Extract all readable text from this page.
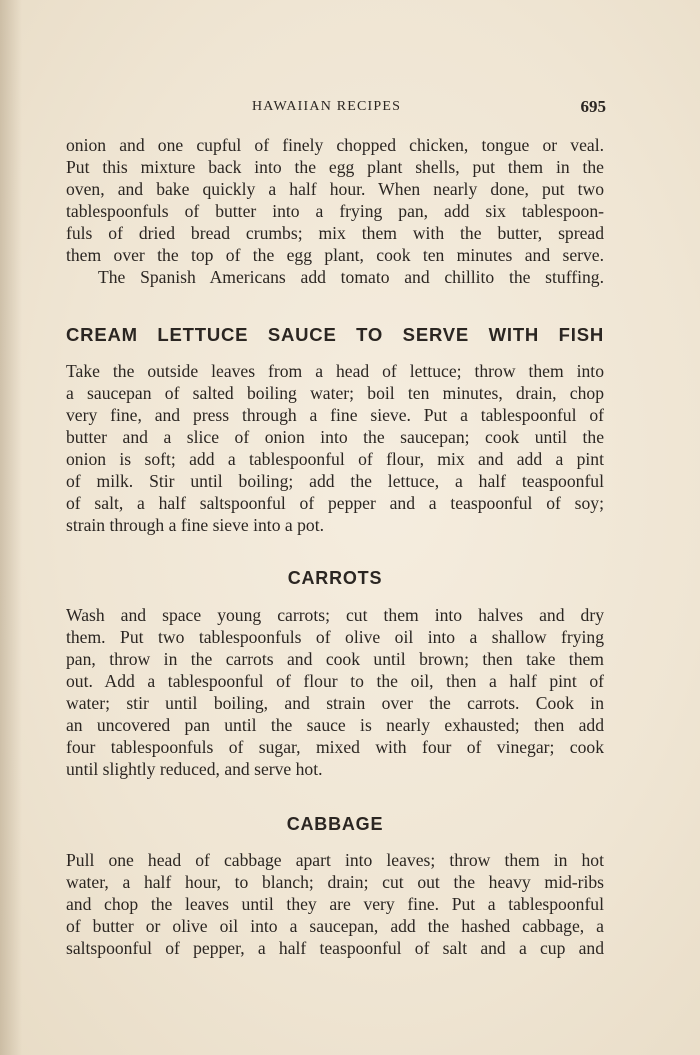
HAWAIIAN RECIPES	695
onion and one cupful of finely chopped chicken, tongue or veal.
Put this mixture back into the egg plant shells, put them in the
oven, and bake quickly a half hour. When nearly done, put two
tablespoonfuls of butter into a frying pan, add six tablespoon-
fuls of dried bread crumbs; mix them with the butter, spread
them over the top of the egg plant, cook ten minutes and serve.
The Spanish Americans add tomato and chillito the stuffing.
CREAM LETTUCE SAUCE TO SERVE WITH FISH
Take the outside leaves from a head of lettuce; throw them into
a saucepan of salted boiling water; boil ten minutes, drain, chop
very fine, and press through a fine sieve. Put a tablespoonful of
butter and a slice of onion into the saucepan; cook until the
onion is soft; add a tablespoonful of flour, mix and add a pint
of milk. Stir until boiling; add the lettuce, a half teaspoonful
of salt, a half saltspoonful of pepper and a teaspoonful of soy;
strain through a fine sieve into a pot.
CARROTS
Wash and space young carrots; cut them into halves and dry
them. Put two tablespoonfuls of olive oil into a shallow frying
pan, throw in the carrots and cook until brown; then take them
out. Add a tablespoonful of flour to the oil, then a half pint of
water; stir until boiling, and strain over the carrots. Cook in
an uncovered pan until the sauce is nearly exhausted; then add
four tablespoonfuls of sugar, mixed with four of vinegar; cook
until slightly reduced, and serve hot.
CABBAGE
Pull one head of cabbage apart into leaves; throw them in hot
water, a half hour, to blanch; drain; cut out the heavy mid-ribs
and chop the leaves until they are very fine. Put a tablespoonful
of butter or olive oil into a saucepan, add the hashed cabbage, a
saltspoonful of pepper, a half teaspoonful of salt and a cup and
